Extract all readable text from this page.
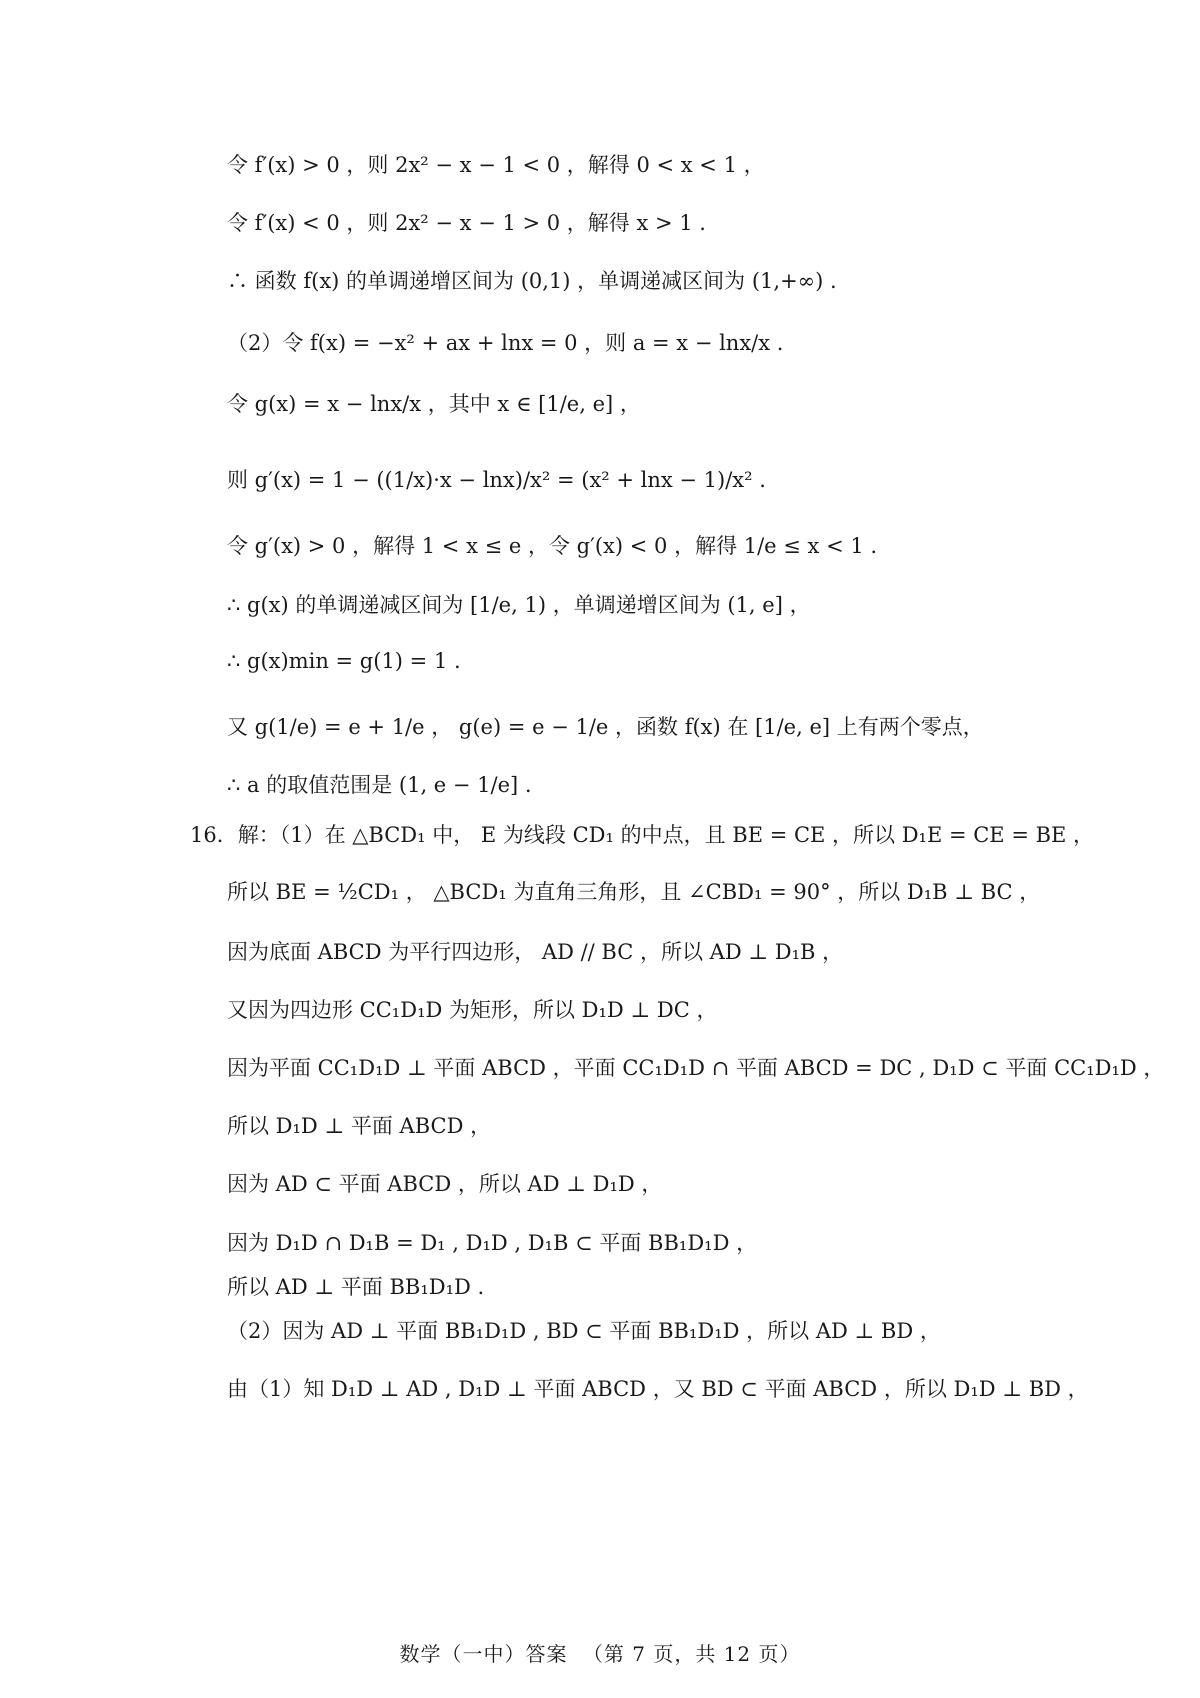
令 f′(x) > 0 ，则 2x² − x − 1 < 0 ，解得 0 < x < 1 ，
令 f′(x) < 0 ，则 2x² − x − 1 > 0 ，解得 x > 1 .
∴ 函数 f(x) 的单调递增区间为 (0,1) ，单调递减区间为 (1,+∞) .
（2）令 f(x) = −x² + ax + lnx = 0 ，则 a = x − lnx/x .
令 g(x) = x − lnx/x ，其中 x ∈ [1/e, e] ，
则 g′(x) = 1 − ((1/x)·x − lnx)/x² = (x² + lnx − 1)/x² .
令 g′(x) > 0 ，解得 1 < x ≤ e ，令 g′(x) < 0 ，解得 1/e ≤ x < 1 .
∴ g(x) 的单调递减区间为 [1/e, 1) ，单调递增区间为 (1, e] ，
∴ g(x)min = g(1) = 1 .
又 g(1/e) = e + 1/e ， g(e) = e − 1/e ，函数 f(x) 在 [1/e, e] 上有两个零点，
∴ a 的取值范围是 (1, e − 1/e] .
16．解：（1）在 △BCD₁ 中， E 为线段 CD₁ 的中点，且 BE = CE ，所以 D₁E = CE = BE ，
所以 BE = ½CD₁ ， △BCD₁ 为直角三角形，且 ∠CBD₁ = 90° ，所以 D₁B ⊥ BC ，
因为底面 ABCD 为平行四边形， AD // BC ，所以 AD ⊥ D₁B ，
又因为四边形 CC₁D₁D 为矩形，所以 D₁D ⊥ DC ，
因为平面 CC₁D₁D ⊥ 平面 ABCD ，平面 CC₁D₁D ∩ 平面 ABCD = DC , D₁D ⊂ 平面 CC₁D₁D ，
所以 D₁D ⊥ 平面 ABCD ，
因为 AD ⊂ 平面 ABCD ，所以 AD ⊥ D₁D ，
因为 D₁D ∩ D₁B = D₁ , D₁D , D₁B ⊂ 平面 BB₁D₁D ，
所以 AD ⊥ 平面 BB₁D₁D .
（2）因为 AD ⊥ 平面 BB₁D₁D , BD ⊂ 平面 BB₁D₁D ，所以 AD ⊥ BD ，
由（1）知 D₁D ⊥ AD , D₁D ⊥ 平面 ABCD ，又 BD ⊂ 平面 ABCD ，所以 D₁D ⊥ BD ，
数学（一中）答案 （第 7 页，共 12 页）
